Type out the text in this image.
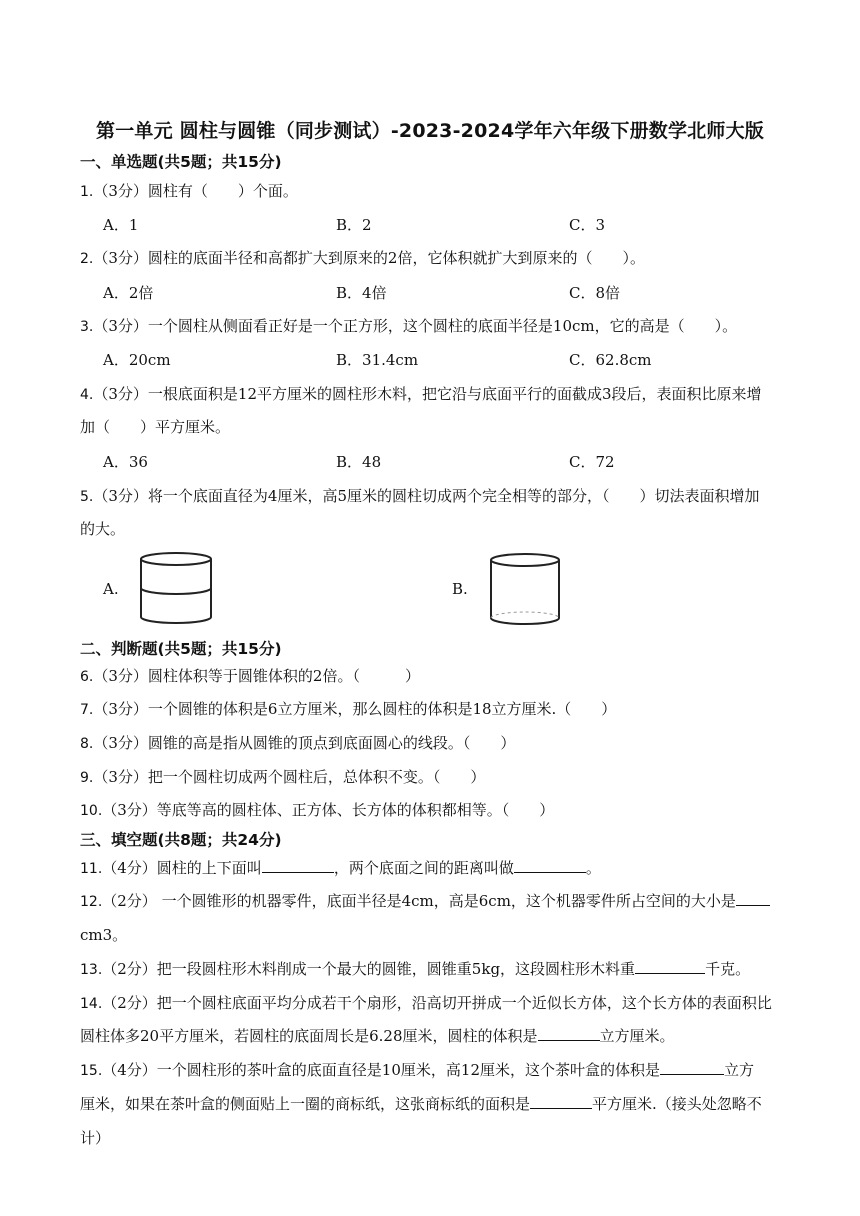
第一单元 圆柱与圆锥（同步测试）-2023-2024学年六年级下册数学北师大版
一、单选题(共5题；共15分)
1.（3分）圆柱有（　　）个面。
A．1	B．2	C．3
2.（3分）圆柱的底面半径和高都扩大到原来的2倍，它体积就扩大到原来的（　　）。
A．2倍	B．4倍	C．8倍
3.（3分）一个圆柱从侧面看正好是一个正方形，这个圆柱的底面半径是10cm，它的高是（　　）。
A．20cm	B．31.4cm	C．62.8cm
4.（3分）一根底面积是12平方厘米的圆柱形木料，把它沿与底面平行的面截成3段后，表面积比原来增
加（　　）平方厘米。
A．36	B．48	C．72
5.（3分）将一个底面直径为4厘米，高5厘米的圆柱切成两个完全相等的部分，（　　）切法表面积增加
的大。
A.	B.
二、判断题(共5题；共15分)
6.（3分）圆柱体积等于圆锥体积的2倍。（　　　）
7.（3分）一个圆锥的体积是6立方厘米，那么圆柱的体积是18立方厘米.（　　）
8.（3分）圆锥的高是指从圆锥的顶点到底面圆心的线段。（　　）
9.（3分）把一个圆柱切成两个圆柱后，总体积不变。（　　）
10.（3分）等底等高的圆柱体、正方体、长方体的体积都相等。（　　）
三、填空题(共8题；共24分)
11.（4分）圆柱的上下面叫	，两个底面之间的距离叫做	。
12.（2分） 一个圆锥形的机器零件，底面半径是4cm，高是6cm，这个机器零件所占空间的大小是
cm3。
13.（2分）把一段圆柱形木料削成一个最大的圆锥，圆锥重5kg，这段圆柱形木料重	千克。
14.（2分）把一个圆柱底面平均分成若干个扇形，沿高切开拼成一个近似长方体，这个长方体的表面积比
圆柱体多20平方厘米，若圆柱的底面周长是6.28厘米，圆柱的体积是	立方厘米。
15.（4分）一个圆柱形的茶叶盒的底面直径是10厘米，高12厘米，这个茶叶盒的体积是	立方
厘米，如果在茶叶盒的侧面贴上一圈的商标纸，这张商标纸的面积是	平方厘米.（接头处忽略不
计）
